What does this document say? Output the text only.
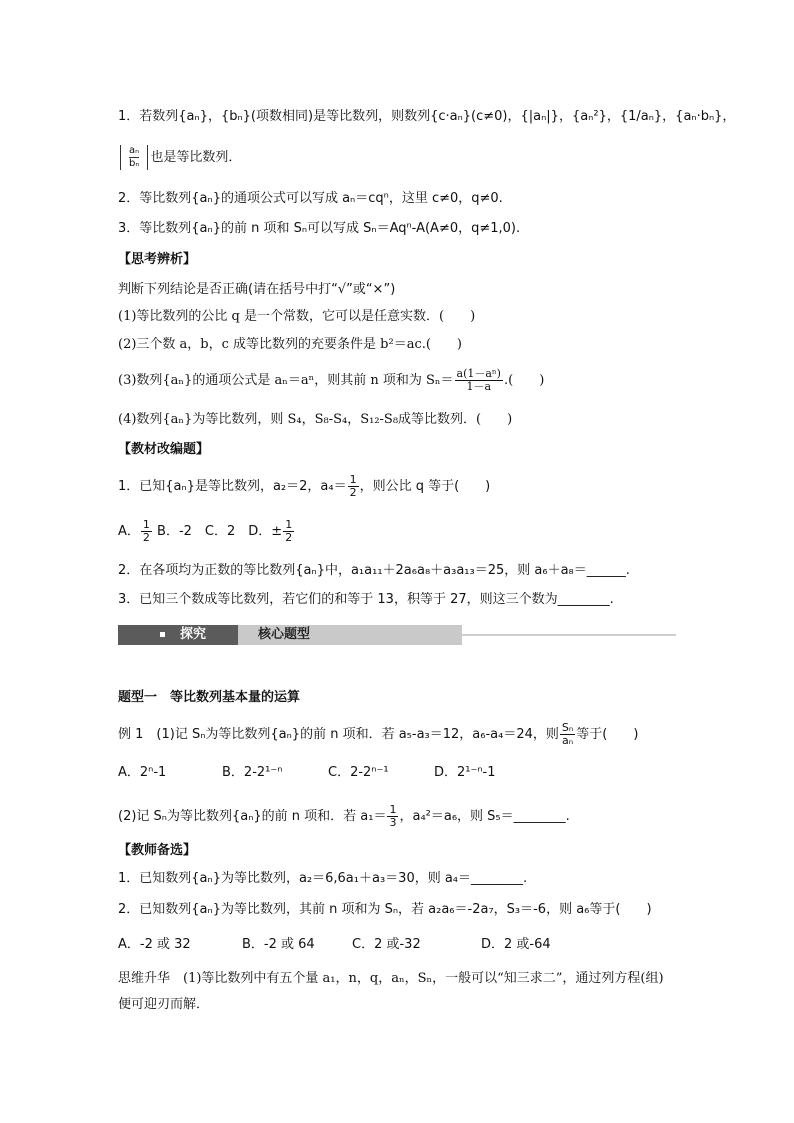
1．若数列{aₙ}，{bₙ}(项数相同)是等比数列，则数列{c·aₙ}(c≠0)，{|aₙ|}，{aₙ²}，{1/aₙ}，{aₙ·bₙ}，
$\frac{\text{aₙ}}{\text{bₙ}}$ 也是等比数列．
2．等比数列{aₙ}的通项公式可以写成 aₙ＝cqⁿ，这里 c≠0，q≠0.
3．等比数列{aₙ}的前 n 项和 Sₙ可以写成 Sₙ＝Aqⁿ-A(A≠0，q≠1,0).
【思考辨析】
判断下列结论是否正确(请在括号中打“√”或“×”)
(1)等比数列的公比 q 是一个常数，它可以是任意实数．(　　)
(2)三个数 a，b，c 成等比数列的充要条件是 b²＝ac.(　　)
(3)数列{aₙ}的通项公式是 aₙ＝aⁿ，则其前 n 项和为 $S_n= \frac{\text{a(1－aⁿ)}}{1-a}$ .(　　)
(4)数列{aₙ}为等比数列，则 S₄，S₈-S₄，S₁₂-S₈成等比数列．(　　)
【教材改编题】
1．已知{aₙ}是等比数列，a₂＝2，$a_4= \frac{1}{2}$ ，则公比 q 等于(　　)
A． $\frac{1}{2}$ B．-2　C．2　D．± $\frac{1}{2}$
2．在各项均为正数的等比数列{aₙ}中，a₁a₁₁＋2a₆a₈＋a₃a₁₃＝25，则 a₆＋a₈＝______.
3．已知三个数成等比数列，若它们的和等于 13，积等于 27，则这三个数为________.
探究	核心题型
题型一　等比数列基本量的运算
例 1　(1)记 Sₙ为等比数列{aₙ}的前 n 项和．若 a₅-a₃＝12，a₆-a₄＝24，则 $\frac{\text{Sₙ}}{\text{aₙ}}$ 等于(　　)
A．2ⁿ-1	B．2-2¹⁻ⁿ	C．2-2ⁿ⁻¹	D．2¹⁻ⁿ-1
(2)记 Sₙ为等比数列{aₙ}的前 n 项和．若 $a_1= \frac{1}{3}$ ，a₄²＝a₆，则 S₅＝________.
【教师备选】
1．已知数列{aₙ}为等比数列，a₂＝6,6a₁＋a₃＝30，则 a₄＝________.
2．已知数列{aₙ}为等比数列，其前 n 项和为 Sₙ，若 a₂a₆＝-2a₇，S₃＝-6，则 a₆等于(　　)
A．-2 或 32	B．-2 或 64	C．2 或-32	D．2 或-64
思维升华　(1)等比数列中有五个量 a₁，n，q，aₙ，Sₙ，一般可以“知三求二”，通过列方程(组)
便可迎刃而解．
